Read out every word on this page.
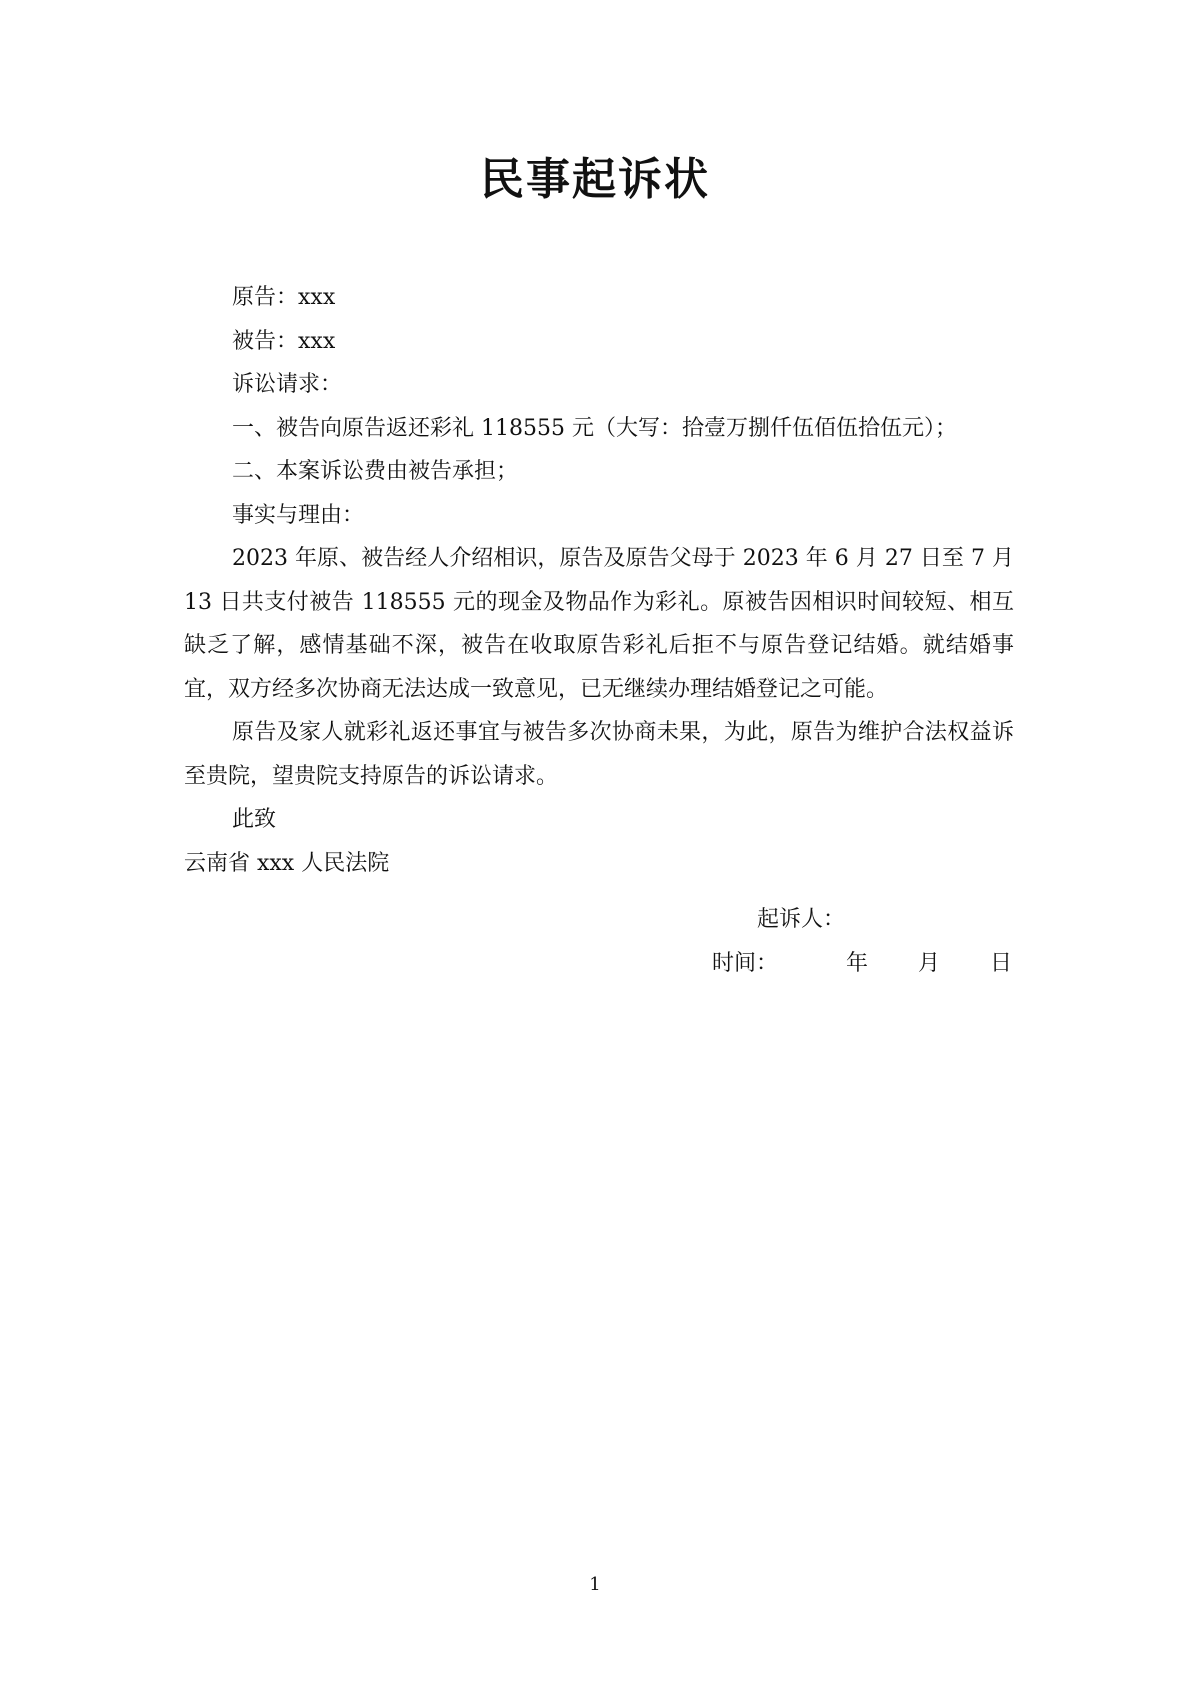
民事起诉状

原告：xxx

被告：xxx

诉讼请求：

一、被告向原告返还彩礼 118555 元（大写：拾壹万捌仟伍佰伍拾伍元）；

二、本案诉讼费由被告承担；

事实与理由：

2023 年原、被告经人介绍相识，原告及原告父母于 2023 年 6 月 27 日至 7 月 13 日共支付被告 118555 元的现金及物品作为彩礼。原被告因相识时间较短、相互缺乏了解，感情基础不深，被告在收取原告彩礼后拒不与原告登记结婚。就结婚事宜，双方经多次协商无法达成一致意见，已无继续办理结婚登记之可能。

原告及家人就彩礼返还事宜与被告多次协商未果，为此，原告为维护合法权益诉至贵院，望贵院支持原告的诉讼请求。

此致

云南省 xxx 人民法院

起诉人：
时间：	年 月 日
1
